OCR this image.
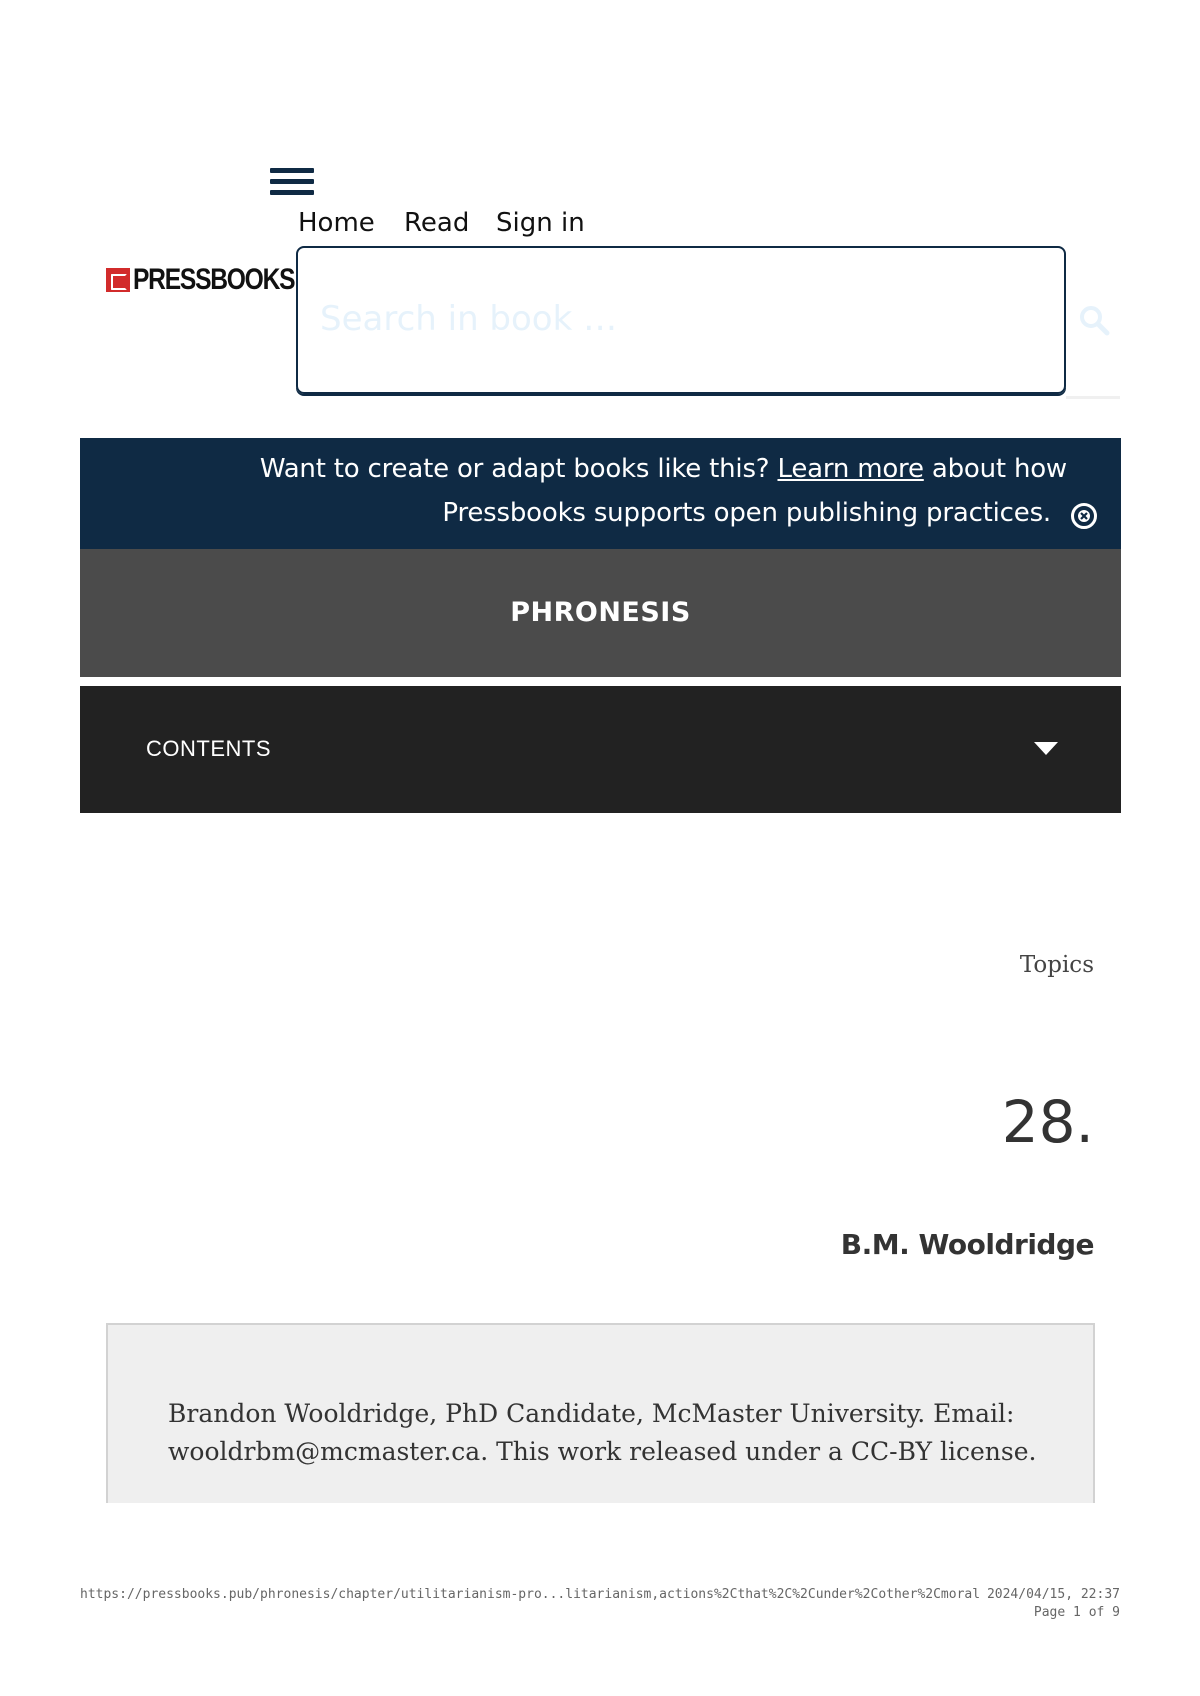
Home Read Sign in
PRESSBOOKS
Search in book …
Want to create or adapt books like this? Learn more about how
Pressbooks supports open publishing practices.
PHRONESIS
CONTENTS
Topics
28.
B.M. Wooldridge
Brandon Wooldridge, PhD Candidate, McMaster University. Email: wooldrbm@mcmaster.ca. This work released under a CC-BY license.
https://pressbooks.pub/phronesis/chapter/utilitarianism-pro...litarianism,actions%2Cthat%2C%2Cunder%2Cother%2Cmoral 2024/04/15, 22:37
Page 1 of 9
